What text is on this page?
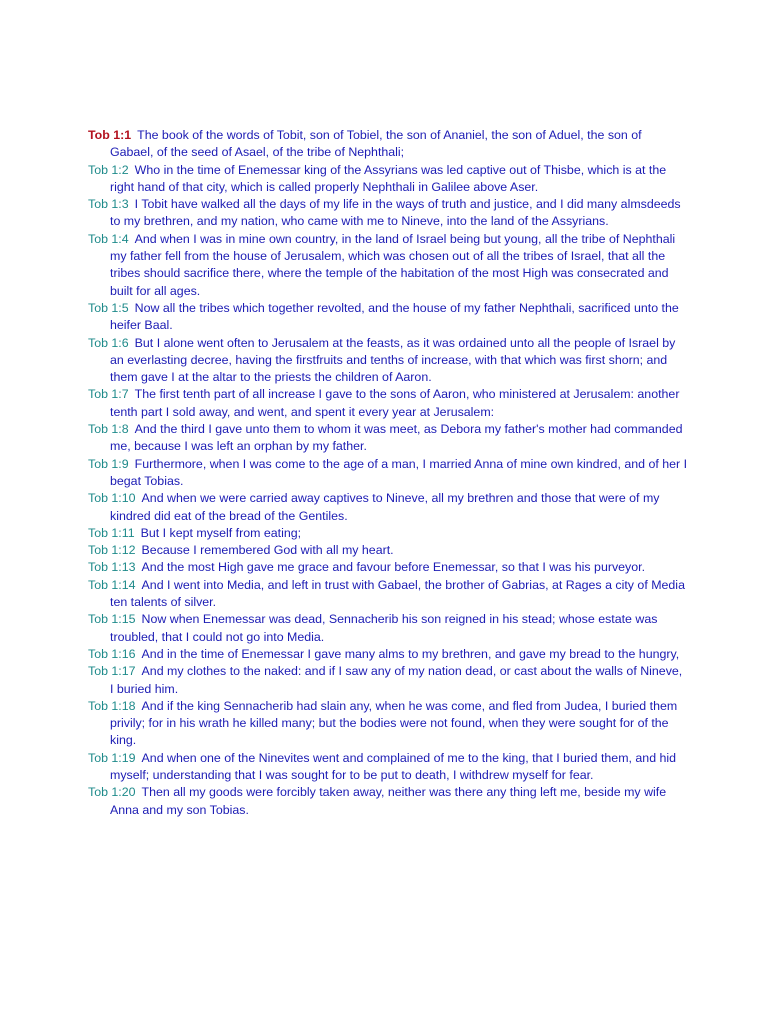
Tob 1:1 The book of the words of Tobit, son of Tobiel, the son of Ananiel, the son of Aduel, the son of Gabael, of the seed of Asael, of the tribe of Nephthali;

Tob 1:2 Who in the time of Enemessar king of the Assyrians was led captive out of Thisbe, which is at the right hand of that city, which is called properly Nephthali in Galilee above Aser.

Tob 1:3 I Tobit have walked all the days of my life in the ways of truth and justice, and I did many almsdeeds to my brethren, and my nation, who came with me to Nineve, into the land of the Assyrians.

Tob 1:4 And when I was in mine own country, in the land of Israel being but young, all the tribe of Nephthali my father fell from the house of Jerusalem, which was chosen out of all the tribes of Israel, that all the tribes should sacrifice there, where the temple of the habitation of the most High was consecrated and built for all ages.

Tob 1:5 Now all the tribes which together revolted, and the house of my father Nephthali, sacrificed unto the heifer Baal.

Tob 1:6 But I alone went often to Jerusalem at the feasts, as it was ordained unto all the people of Israel by an everlasting decree, having the firstfruits and tenths of increase, with that which was first shorn; and them gave I at the altar to the priests the children of Aaron.

Tob 1:7 The first tenth part of all increase I gave to the sons of Aaron, who ministered at Jerusalem: another tenth part I sold away, and went, and spent it every year at Jerusalem:

Tob 1:8 And the third I gave unto them to whom it was meet, as Debora my father's mother had commanded me, because I was left an orphan by my father.

Tob 1:9 Furthermore, when I was come to the age of a man, I married Anna of mine own kindred, and of her I begat Tobias.

Tob 1:10 And when we were carried away captives to Nineve, all my brethren and those that were of my kindred did eat of the bread of the Gentiles.

Tob 1:11 But I kept myself from eating;

Tob 1:12 Because I remembered God with all my heart.

Tob 1:13 And the most High gave me grace and favour before Enemessar, so that I was his purveyor.

Tob 1:14 And I went into Media, and left in trust with Gabael, the brother of Gabrias, at Rages a city of Media ten talents of silver.

Tob 1:15 Now when Enemessar was dead, Sennacherib his son reigned in his stead; whose estate was troubled, that I could not go into Media.

Tob 1:16 And in the time of Enemessar I gave many alms to my brethren, and gave my bread to the hungry,

Tob 1:17 And my clothes to the naked: and if I saw any of my nation dead, or cast about the walls of Nineve, I buried him.

Tob 1:18 And if the king Sennacherib had slain any, when he was come, and fled from Judea, I buried them privily; for in his wrath he killed many; but the bodies were not found, when they were sought for of the king.

Tob 1:19 And when one of the Ninevites went and complained of me to the king, that I buried them, and hid myself; understanding that I was sought for to be put to death, I withdrew myself for fear.

Tob 1:20 Then all my goods were forcibly taken away, neither was there any thing left me, beside my wife Anna and my son Tobias.
